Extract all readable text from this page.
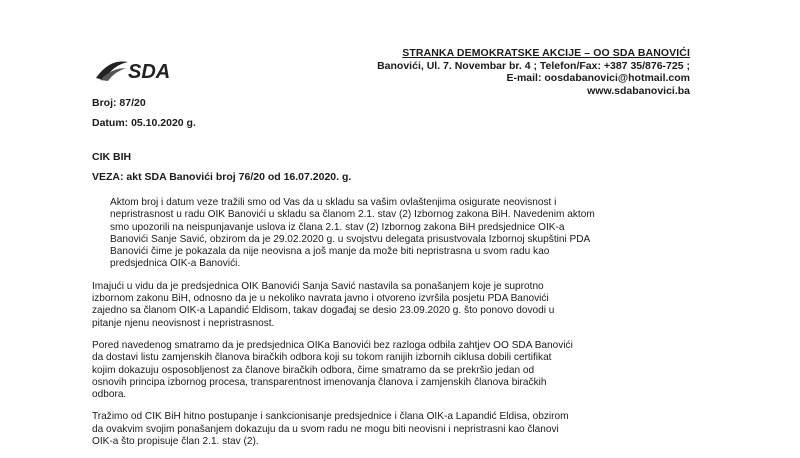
SDA
STRANKA DEMOKRATSKE AKCIJE – OO SDA BANOVIĆI
Banovići, Ul. 7. Novembar br. 4 ; Telefon/Fax: +387 35/876-725 ;
E-mail: oosdabanovici@hotmail.com
www.sdabanovici.ba
Broj: 87/20
Datum: 05.10.2020 g.
CIK BIH
VEZA: akt SDA Banovići broj 76/20 od 16.07.2020. g.

Aktom broj i datum veze tražili smo od Vas da u skladu sa vašim ovlaštenjima osigurate neovisnost i
nepristrasnost u radu OIK Banovići u skladu sa članom 2.1. stav (2) Izbornog zakona BiH. Navedenim aktom
smo upozorili na neispunjavanje uslova iz člana 2.1. stav (2) Izbornog zakona BiH predsjednice OIK-a
Banovići Sanje Savić, obzirom da je 29.02.2020 g. u svojstvu delegata prisustvovala Izbornoj skupštini PDA
Banovići čime je pokazala da nije neovisna a još manje da može biti nepristrasna u svom radu kao
predsjednica OIK-a Banovići.

Imajući u vidu da je predsjednica OIK Banovići Sanja Savić nastavila sa ponašanjem koje je suprotno
izbornom zakonu BiH, odnosno da je u nekoliko navrata javno i otvoreno izvršila posjetu PDA Banovići
zajedno sa članom OIK-a Lapandić Eldisom, takav događaj se desio 23.09.2020 g. što ponovo dovodi u
pitanje njenu neovisnost i nepristrasnost.

Pored navedenog smatramo da je predsjednica OIKa Banovići bez razloga odbila zahtjev OO SDA Banovići
da dostavi listu zamjenskih članova biračkih odbora koji su tokom ranijih izbornih ciklusa dobili certifikat
kojim dokazuju osposobljenost za članove biračkih odbora, čime smatramo da se prekršio jedan od
osnovih principa izbornog procesa, transparentnost imenovanja članova i zamjenskih članova biračkih
odbora.

Tražimo od CIK BiH hitno postupanje i sankcionisanje predsjednice i člana OIK-a Lapandić Eldisa, obzirom
da ovakvim svojim ponašanjem dokazuju da u svom radu ne mogu biti neovisni i nepristrasni kao članovi
OIK-a što propisuje član 2.1. stav (2).
